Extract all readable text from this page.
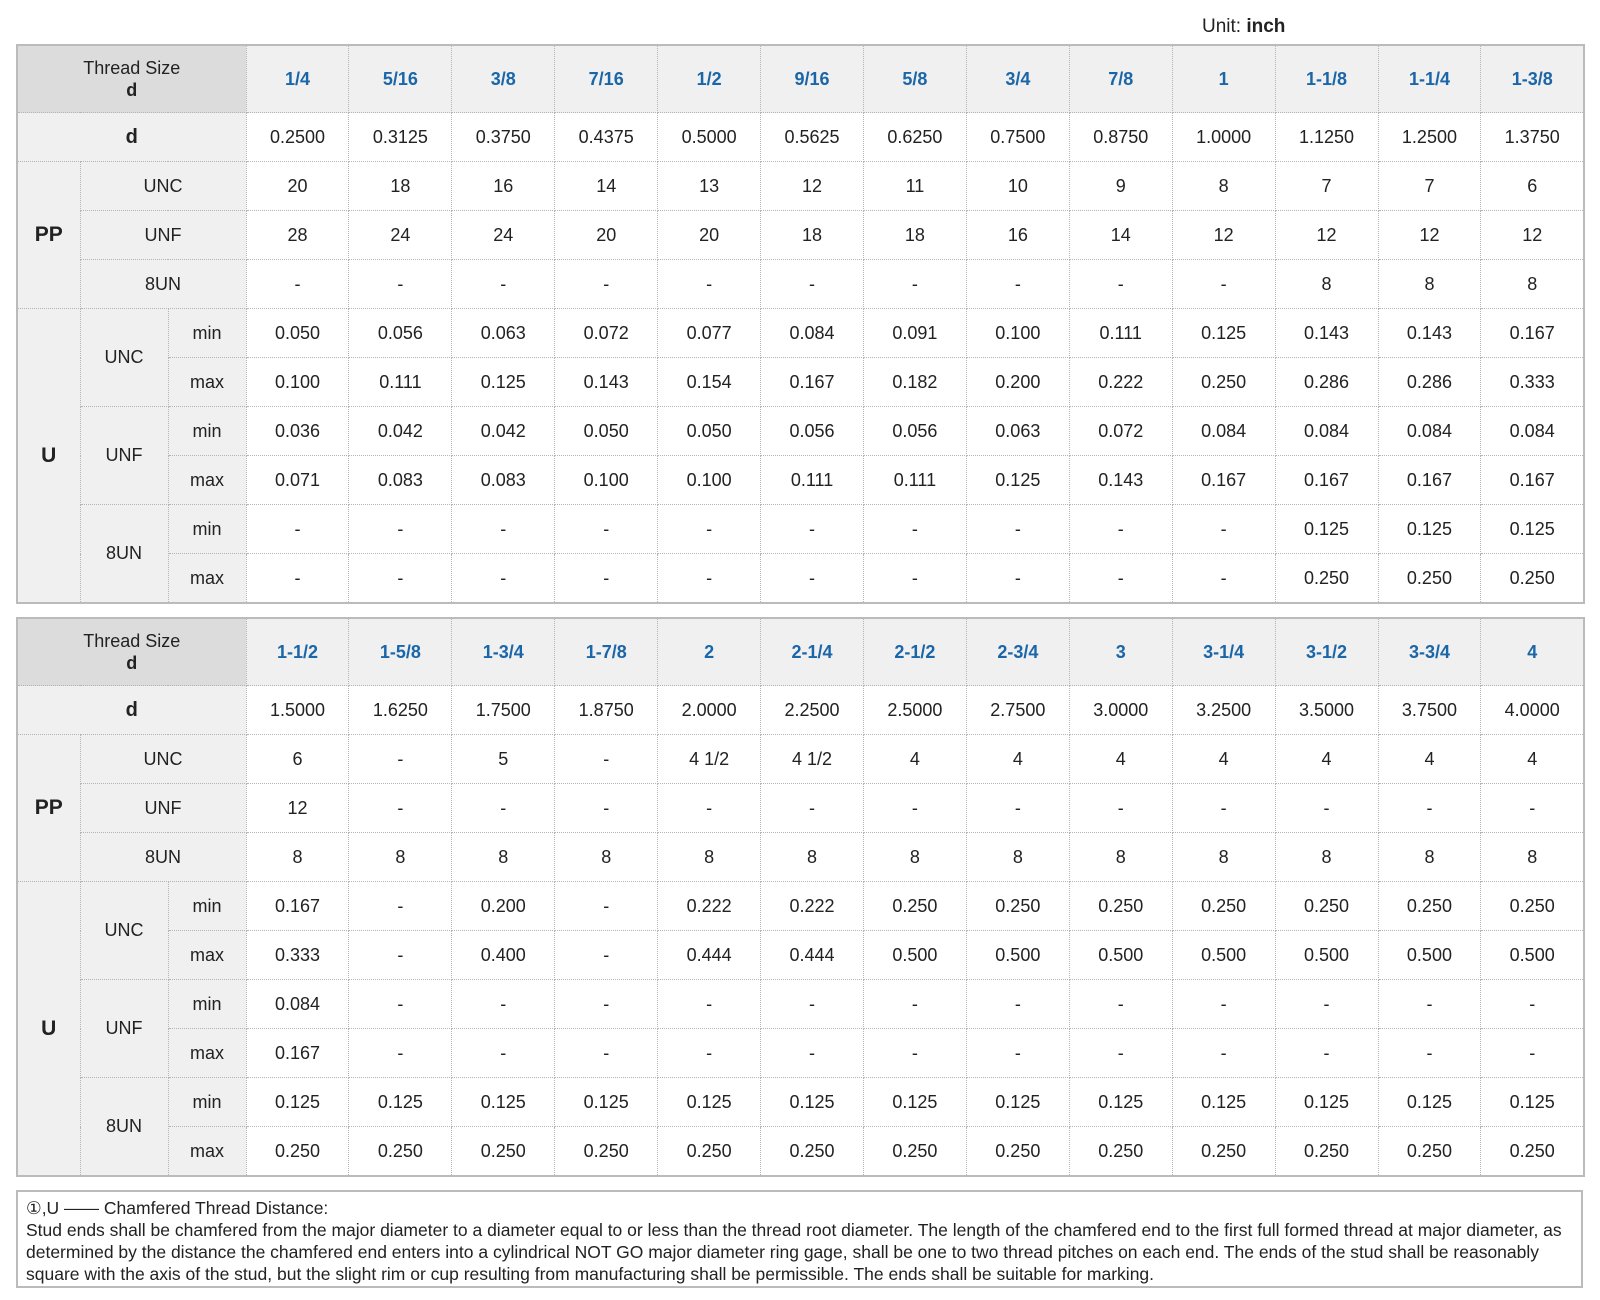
Unit: inch
Thread Size
d			1/4	5/16	3/8	7/16	1/2	9/16	5/8	3/4	7/8	1	1-1/8	1-1/4	1-3/8
d			0.2500	0.3125	0.3750	0.4375	0.5000	0.5625	0.6250	0.7500	0.8750	1.0000	1.1250	1.2500	1.3750
PP	UNC		20	18	16	14	13	12	11	10	9	8	7	7	6
	UNF		28	24	24	20	20	18	18	16	14	12	12	12	12
	8UN		-	-	-	-	-	-	-	-	-	-	8	8	8
U	UNC	min	0.050	0.056	0.063	0.072	0.077	0.084	0.091	0.100	0.111	0.125	0.143	0.143	0.167
		max	0.100	0.111	0.125	0.143	0.154	0.167	0.182	0.200	0.222	0.250	0.286	0.286	0.333
	UNF	min	0.036	0.042	0.042	0.050	0.050	0.056	0.056	0.063	0.072	0.084	0.084	0.084	0.084
		max	0.071	0.083	0.083	0.100	0.100	0.111	0.111	0.125	0.143	0.167	0.167	0.167	0.167
	8UN	min	-	-	-	-	-	-	-	-	-	-	0.125	0.125	0.125
		max	-	-	-	-	-	-	-	-	-	-	0.250	0.250	0.250
Thread Size
d			1-1/2	1-5/8	1-3/4	1-7/8	2	2-1/4	2-1/2	2-3/4	3	3-1/4	3-1/2	3-3/4	4
d			1.5000	1.6250	1.7500	1.8750	2.0000	2.2500	2.5000	2.7500	3.0000	3.2500	3.5000	3.7500	4.0000
PP	UNC		6	-	5	-	4 1/2	4 1/2	4	4	4	4	4	4	4
	UNF		12	-	-	-	-	-	-	-	-	-	-	-	-
	8UN		8	8	8	8	8	8	8	8	8	8	8	8	8
U	UNC	min	0.167	-	0.200	-	0.222	0.222	0.250	0.250	0.250	0.250	0.250	0.250	0.250
		max	0.333	-	0.400	-	0.444	0.444	0.500	0.500	0.500	0.500	0.500	0.500	0.500
	UNF	min	0.084	-	-	-	-	-	-	-	-	-	-	-	-
		max	0.167	-	-	-	-	-	-	-	-	-	-	-	-
	8UN	min	0.125	0.125	0.125	0.125	0.125	0.125	0.125	0.125	0.125	0.125	0.125	0.125	0.125
		max	0.250	0.250	0.250	0.250	0.250	0.250	0.250	0.250	0.250	0.250	0.250	0.250	0.250

①,U —— Chamfered Thread Distance:

Stud ends shall be chamfered from the major diameter to a diameter equal to or less than the thread root diameter. The length of the chamfered end to the first full formed thread at major diameter, as determined by the distance the chamfered end enters into a cylindrical NOT GO major diameter ring gage, shall be one to two thread pitches on each end. The ends of the stud shall be reasonably square with the axis of the stud, but the slight rim or cup resulting from manufacturing shall be permissible. The ends shall be suitable for marking.
